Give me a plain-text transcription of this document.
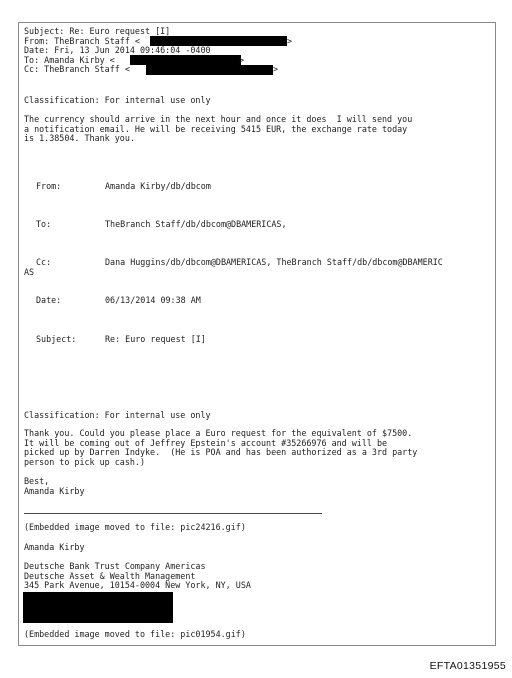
Subject: Re: Euro request [I]
From: TheBranch Staff <	>
Date: Fri, 13 Jun 2014 09:46:04 -0400
To: Amanda Kirby <	>
Cc: TheBranch Staff <	>
Classification: For internal use only
The currency should arrive in the next hour and once it does  I will send you
a notification email. He will be receiving 5415 EUR, the exchange rate today
is 1.38504. Thank you.
From:	Amanda Kirby/db/dbcom
To:	TheBranch Staff/db/dbcom@DBAMERICAS,
Cc:	Dana Huggins/db/dbcom@DBAMERICAS, TheBranch Staff/db/dbcom@DBAMERIC
AS
Date:	06/13/2014 09:38 AM
Subject:	Re: Euro request [I]
Classification: For internal use only
Thank you. Could you please place a Euro request for the equivalent of $7500.
It will be coming out of Jeffrey Epstein's account #35266976 and will be
picked up by Darren Indyke.  (He is POA and has been authorized as a 3rd party
person to pick up cash.)
Best,
Amanda Kirby
(Embedded image moved to file: pic24216.gif)
Amanda Kirby
Deutsche Bank Trust Company Americas
Deutsche Asset & Wealth Management
345 Park Avenue, 10154-0004 New York, NY, USA
(Embedded image moved to file: pic01954.gif)
EFTA01351955
